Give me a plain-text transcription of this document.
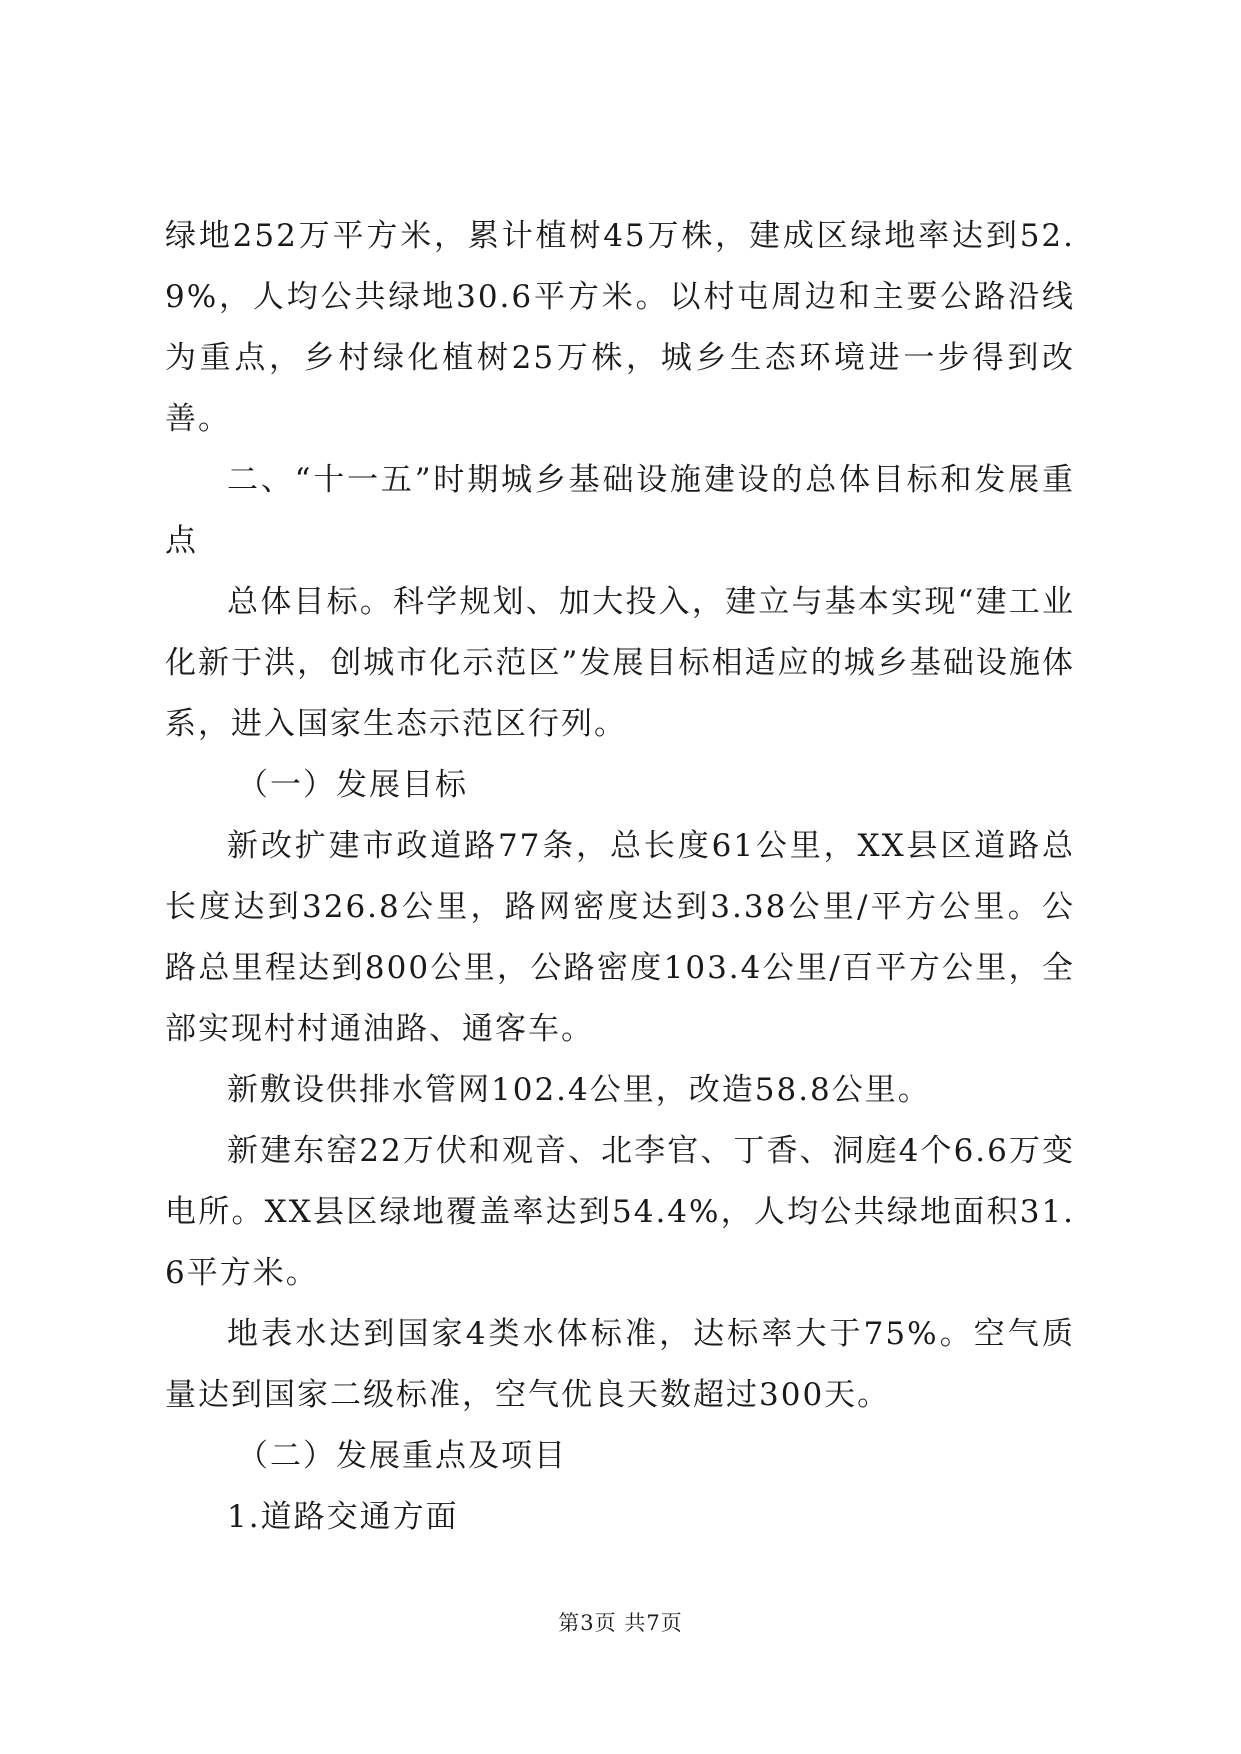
绿地252万平方米，累计植树45万株，建成区绿地率达到52.9%，人均公共绿地30.6平方米。以村屯周边和主要公路沿线为重点，乡村绿化植树25万株，城乡生态环境进一步得到改善。

二、“十一五”时期城乡基础设施建设的总体目标和发展重点

总体目标。科学规划、加大投入，建立与基本实现“建工业化新于洪，创城市化示范区”发展目标相适应的城乡基础设施体系，进入国家生态示范区行列。

（一）发展目标

新改扩建市政道路77条，总长度61公里，XX县区道路总长度达到326.8公里，路网密度达到3.38公里/平方公里。公路总里程达到800公里，公路密度103.4公里/百平方公里，全部实现村村通油路、通客车。

新敷设供排水管网102.4公里，改造58.8公里。

新建东窑22万伏和观音、北李官、丁香、洞庭4个6.6万变电所。XX县区绿地覆盖率达到54.4%，人均公共绿地面积31.6平方米。

地表水达到国家4类水体标准，达标率大于75%。空气质量达到国家二级标准，空气优良天数超过300天。

（二）发展重点及项目

1.道路交通方面

第3页 共7页
